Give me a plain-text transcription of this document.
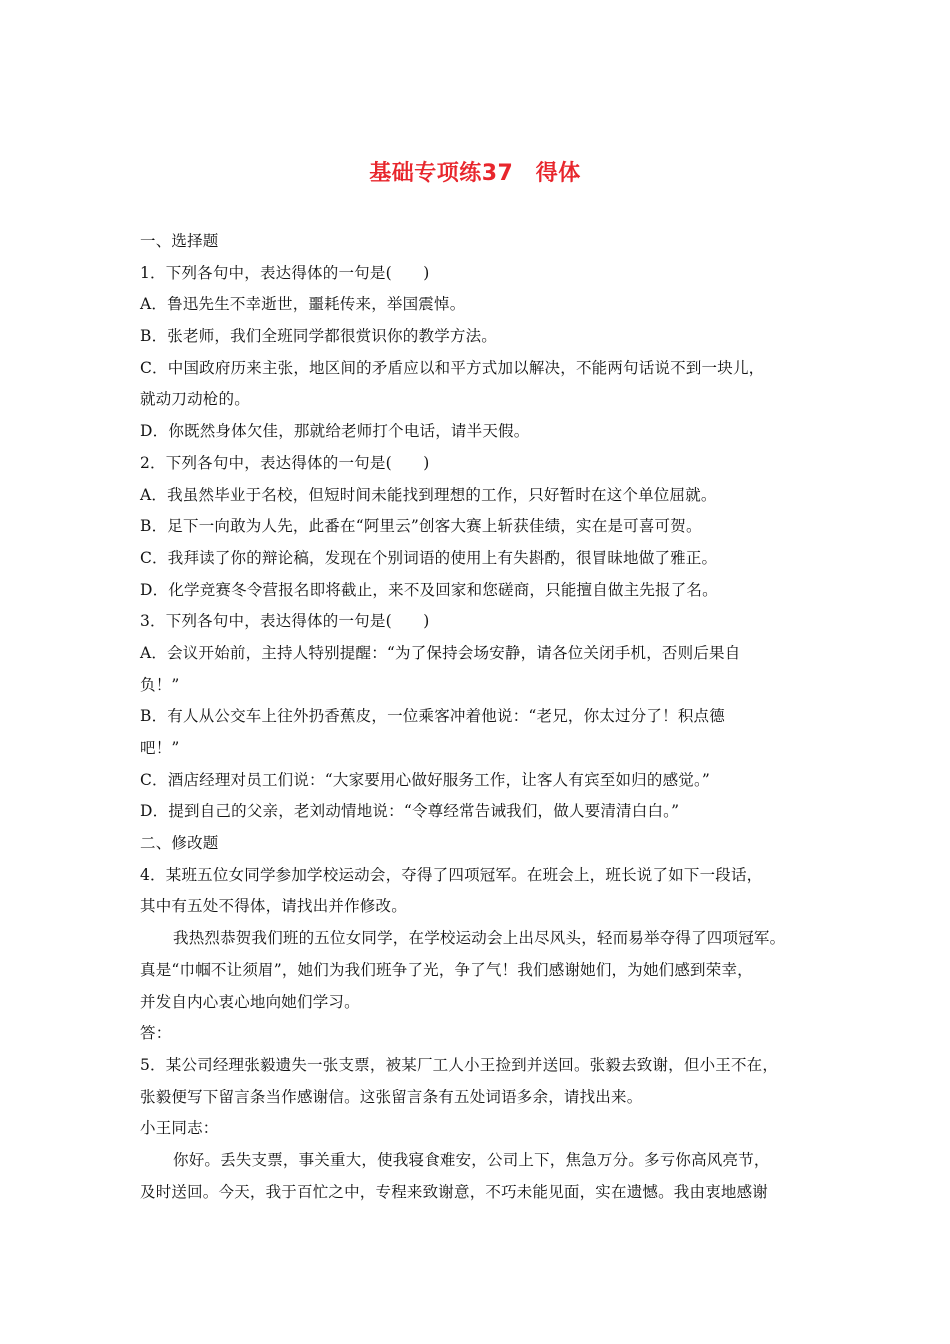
基础专项练37　得体
一、选择题
1．下列各句中，表达得体的一句是(　　)
A．鲁迅先生不幸逝世，噩耗传来，举国震悼。
B．张老师，我们全班同学都很赏识你的教学方法。
C．中国政府历来主张，地区间的矛盾应以和平方式加以解决，不能两句话说不到一块儿，
就动刀动枪的。
D．你既然身体欠佳，那就给老师打个电话，请半天假。
2．下列各句中，表达得体的一句是(　　)
A．我虽然毕业于名校，但短时间未能找到理想的工作，只好暂时在这个单位屈就。
B．足下一向敢为人先，此番在“阿里云”创客大赛上斩获佳绩，实在是可喜可贺。
C．我拜读了你的辩论稿，发现在个别词语的使用上有失斟酌，很冒昧地做了雅正。
D．化学竞赛冬令营报名即将截止，来不及回家和您磋商，只能擅自做主先报了名。
3．下列各句中，表达得体的一句是(　　)
A．会议开始前，主持人特别提醒：“为了保持会场安静，请各位关闭手机，否则后果自
负！”
B．有人从公交车上往外扔香蕉皮，一位乘客冲着他说：“老兄，你太过分了！积点德
吧！”
C．酒店经理对员工们说：“大家要用心做好服务工作，让客人有宾至如归的感觉。”
D．提到自己的父亲，老刘动情地说：“令尊经常告诫我们，做人要清清白白。”
二、修改题
4．某班五位女同学参加学校运动会，夺得了四项冠军。在班会上，班长说了如下一段话，
其中有五处不得体，请找出并作修改。
我热烈恭贺我们班的五位女同学，在学校运动会上出尽风头，轻而易举夺得了四项冠军。
真是“巾帼不让须眉”，她们为我们班争了光，争了气！我们感谢她们，为她们感到荣幸，
并发自内心衷心地向她们学习。
答：
5．某公司经理张毅遗失一张支票，被某厂工人小王捡到并送回。张毅去致谢，但小王不在，
张毅便写下留言条当作感谢信。这张留言条有五处词语多余，请找出来。
小王同志：
你好。丢失支票，事关重大，使我寝食难安，公司上下，焦急万分。多亏你高风亮节，
及时送回。今天，我于百忙之中，专程来致谢意，不巧未能见面，实在遗憾。我由衷地感谢
